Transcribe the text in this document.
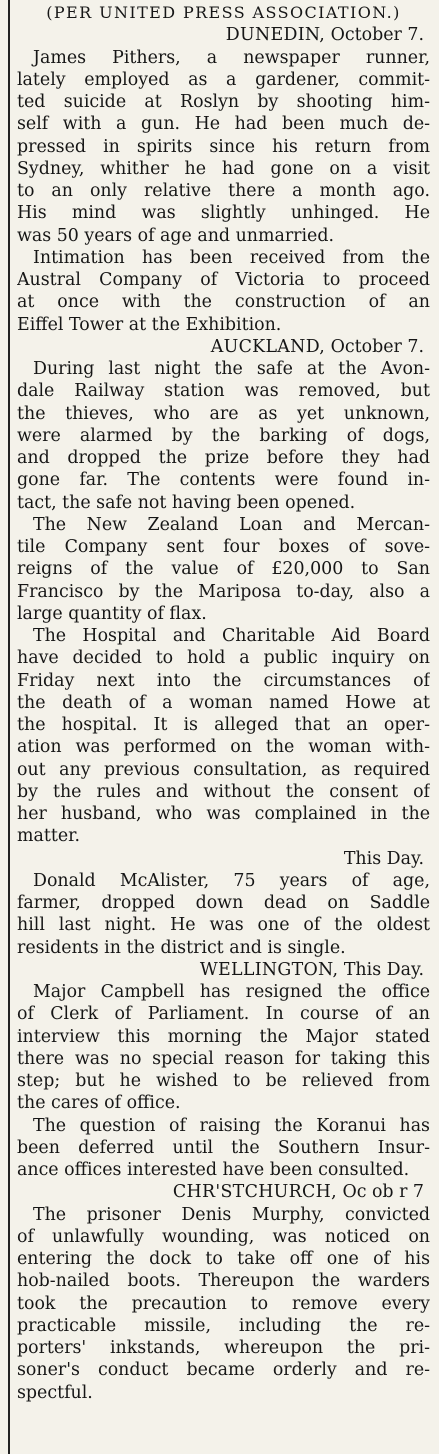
(PER UNITED PRESS ASSOCIATION.)
DUNEDIN, October 7.
James Pithers, a newspaper runner,
lately employed as a gardener, commit-
ted suicide at Roslyn by shooting him-
self with a gun. He had been much de-
pressed in spirits since his return from
Sydney, whither he had gone on a visit
to an only relative there a month ago.
His mind was slightly unhinged. He
was 50 years of age and unmarried.
Intimation has been received from the
Austral Company of Victoria to proceed
at once with the construction of an
Eiffel Tower at the Exhibition.
AUCKLAND, October 7.
During last night the safe at the Avon-
dale Railway station was removed, but
the thieves, who are as yet unknown,
were alarmed by the barking of dogs,
and dropped the prize before they had
gone far. The contents were found in-
tact, the safe not having been opened.
The New Zealand Loan and Mercan-
tile Company sent four boxes of sove-
reigns of the value of £20,000 to San
Francisco by the Mariposa to-day, also a
large quantity of flax.
The Hospital and Charitable Aid Board
have decided to hold a public inquiry on
Friday next into the circumstances of
the death of a woman named Howe at
the hospital. It is alleged that an oper-
ation was performed on the woman with-
out any previous consultation, as required
by the rules and without the consent of
her husband, who was complained in the
matter.
This Day.
Donald McAlister, 75 years of age,
farmer, dropped down dead on Saddle
hill last night. He was one of the oldest
residents in the district and is single.
WELLINGTON, This Day.
Major Campbell has resigned the office
of Clerk of Parliament. In course of an
interview this morning the Major stated
there was no special reason for taking this
step; but he wished to be relieved from
the cares of office.
The question of raising the Koranui has
been deferred until the Southern Insur-
ance offices interested have been consulted.
CHR'STCHURCH, Oc ob r 7
The prisoner Denis Murphy, convicted
of unlawfully wounding, was noticed on
entering the dock to take off one of his
hob-nailed boots. Thereupon the warders
took the precaution to remove every
practicable missile, including the re-
porters' inkstands, whereupon the pri-
soner's conduct became orderly and re-
spectful.
